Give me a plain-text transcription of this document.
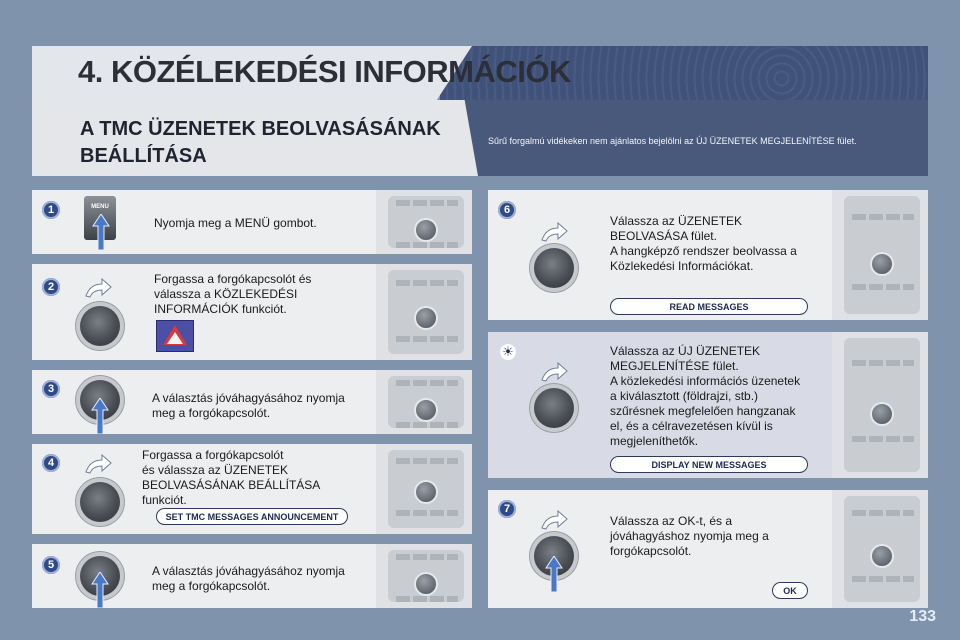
4. KÖZÉLEKEDÉSI INFORMÁCIÓK
A TMC ÜZENETEK BEOLVASÁSÁNAK BEÁLLÍTÁSA
Sűrű forgalmú vidékeken nem ajánlatos bejelölni az ÚJ ÜZENETEK MEGJELENÍTÉSE fület.
1	MENU
Nyomja meg a MENÜ gombot.
2
Forgassa a forgókapcsolót és
válassza a KÖZLEKEDÉSI
INFORMÁCIÓK funkciót.
3
A választás jóváhagyásához nyomja
meg a forgókapcsolót.
4
Forgassa a forgókapcsolót
és válassza az ÜZENETEK
BEOLVASÁSÁNAK BEÁLLÍTÁSA
funkciót.
SET TMC MESSAGES ANNOUNCEMENT
5	A választás jóváhagyásához nyomja
meg a forgókapcsolót.
6
Válassza az ÜZENETEK
BEOLVASÁSA fület.
A hangképző rendszer beolvassa a
Közlekedési Információkat.
READ MESSAGES
☀	Válassza az ÚJ ÜZENETEK
MEGJELENÍTÉSE fület.
A közlekedési információs üzenetek
a kiválasztott (földrajzi, stb.)
szűrésnek megfelelően hangzanak
el, és a célravezetésen kívül is
megjeleníthetők.
DISPLAY NEW MESSAGES
7
Válassza az OK-t, és a
jóváhagyáshoz nyomja meg a
forgókapcsolót.
OK
133
